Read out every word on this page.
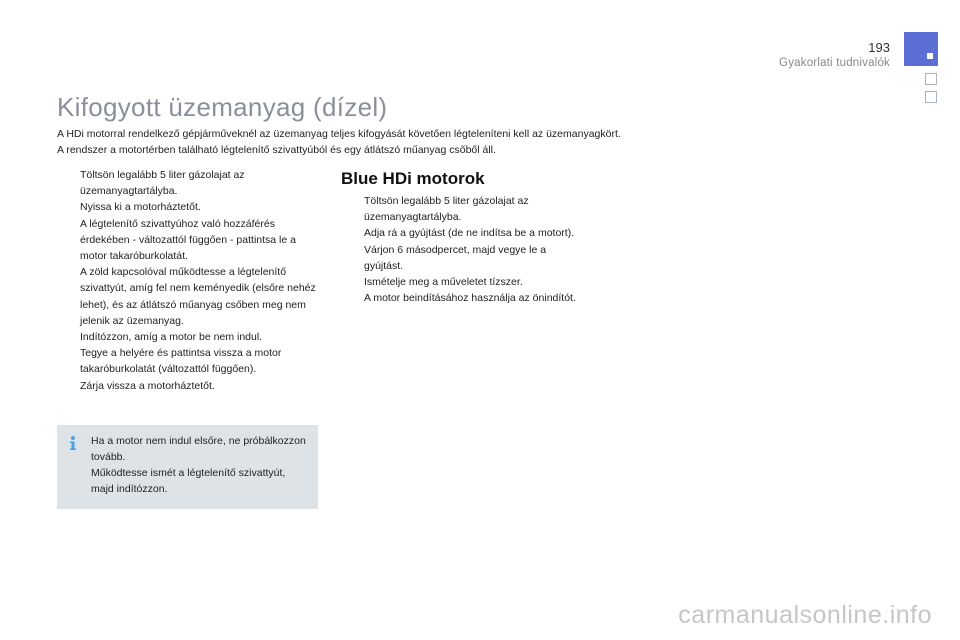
193
Gyakorlati tudnivalók
Kifogyott üzemanyag (dízel)

A HDi motorral rendelkező gépjárműveknél az üzemanyag teljes kifogyását követően légteleníteni kell az üzemanyagkört.

A rendszer a motortérben található légtelenítő szivattyúból és egy átlátszó műanyag csőből áll.

Töltsön legalább 5 liter gázolajat az üzemanyagtartályba.
Nyissa ki a motorháztetőt.
A légtelenítő szivattyúhoz való hozzáférés érdekében - változattól függően - pattintsa le a motor takaróburkolatát.
A zöld kapcsolóval működtesse a légtelenítő szivattyút, amíg fel nem keményedik (elsőre nehéz lehet), és az átlátszó műanyag csőben meg nem jelenik az üzemanyag.
Indítózzon, amíg a motor be nem indul.
Tegye a helyére és pattintsa vissza a motor takaróburkolatát (változattól függően).
Zárja vissza a motorháztetőt.

Ha a motor nem indul elsőre, ne próbálkozzon tovább.

Működtesse ismét a légtelenítő szivattyút, majd indítózzon.

Blue HDi motorok
Töltsön legalább 5 liter gázolajat az üzemanyagtartályba.
Adja rá a gyújtást (de ne indítsa be a motort).
Várjon 6 másodpercet, majd vegye le a gyújtást.
Ismételje meg a műveletet tízszer.
A motor beindításához használja az önindítót.
carmanualsonline.info
